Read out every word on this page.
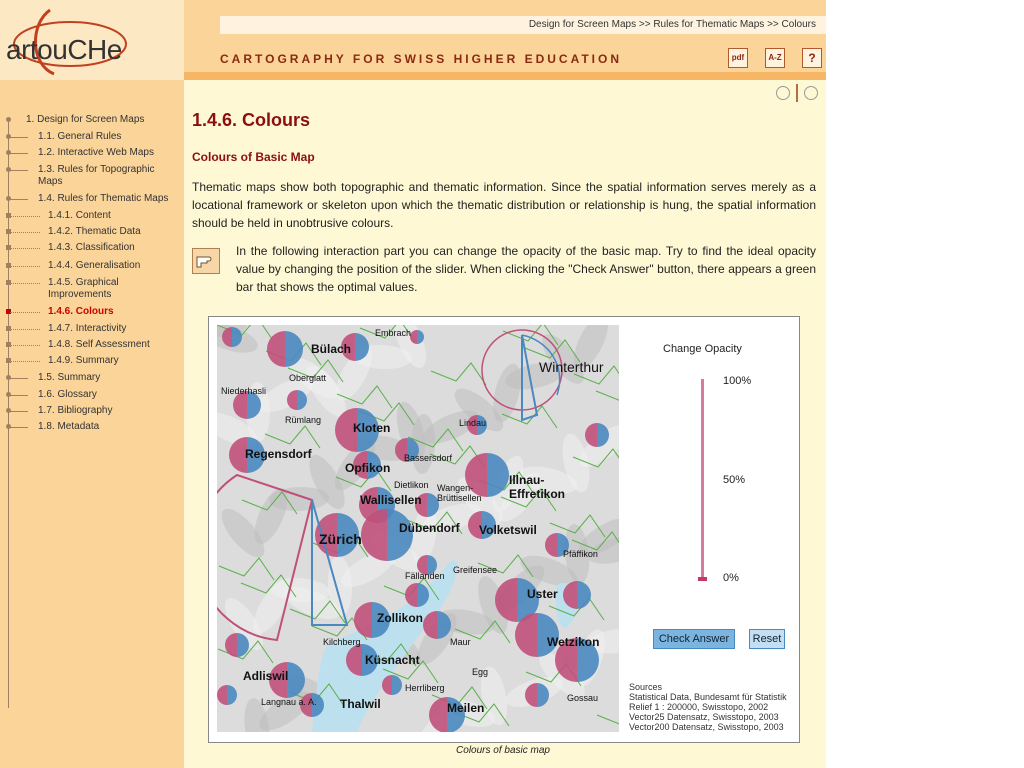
artouCHe
Design for Screen Maps >> Rules for Thematic Maps >> Colours
CARTOGRAPHY FOR SWISS HIGHER EDUCATION	pdf	A-Z	?
1. Design for Screen Maps
1.1. General Rules
1.2. Interactive Web Maps
1.3. Rules for Topographic Maps
1.4. Rules for Thematic Maps
1.4.1. Content
1.4.2. Thematic Data
1.4.3. Classification
1.4.4. Generalisation
1.4.5. Graphical Improvements
1.4.6. Colours
1.4.7. Interactivity
1.4.8. Self Assessment
1.4.9. Summary
1.5. Summary
1.6. Glossary
1.7. Bibliography
1.8. Metadata
1.4.6. Colours
Colours of Basic Map
Thematic maps show both topographic and thematic information. Since the spatial information serves merely as a locational framework or skeleton upon which the thematic distribution or relationship is hung, the spatial information should be held in unobtrusive colours.
In the following interaction part you can change the opacity of the basic map. Try to find the ideal opacity value by changing the position of the slider. When clicking the "Check Answer" button, there appears a green bar that shows the optimal values.
Embrach
Bülach
Winterthur
Niederhasli
Oberglatt
Rümlang
Kloten	Lindau
Regensdorf	Bassersdorf
Opfikon
Illnau-Effretikon
Dietlikon
Wallisellen
Wangen-Brüttisellen
Dübendorf Volketswil
Zürich
Pfäffikon
Greifensee
Fällanden
Uster
Zollikon
Kilchberg	Maur
Küsnacht
Wetzikon
Egg
Adliswil
Herrliberg
Gossau
Langnau a. A. Thalwil	Meilen
Change Opacity
100%
50%
0%
Check Answer	Reset
Sources
Statistical Data, Bundesamt für Statistik
Relief 1 : 200000, Swisstopo, 2002
Vector25 Datensatz, Swisstopo, 2003
Vector200 Datensatz, Swisstopo, 2003
Colours of basic map
